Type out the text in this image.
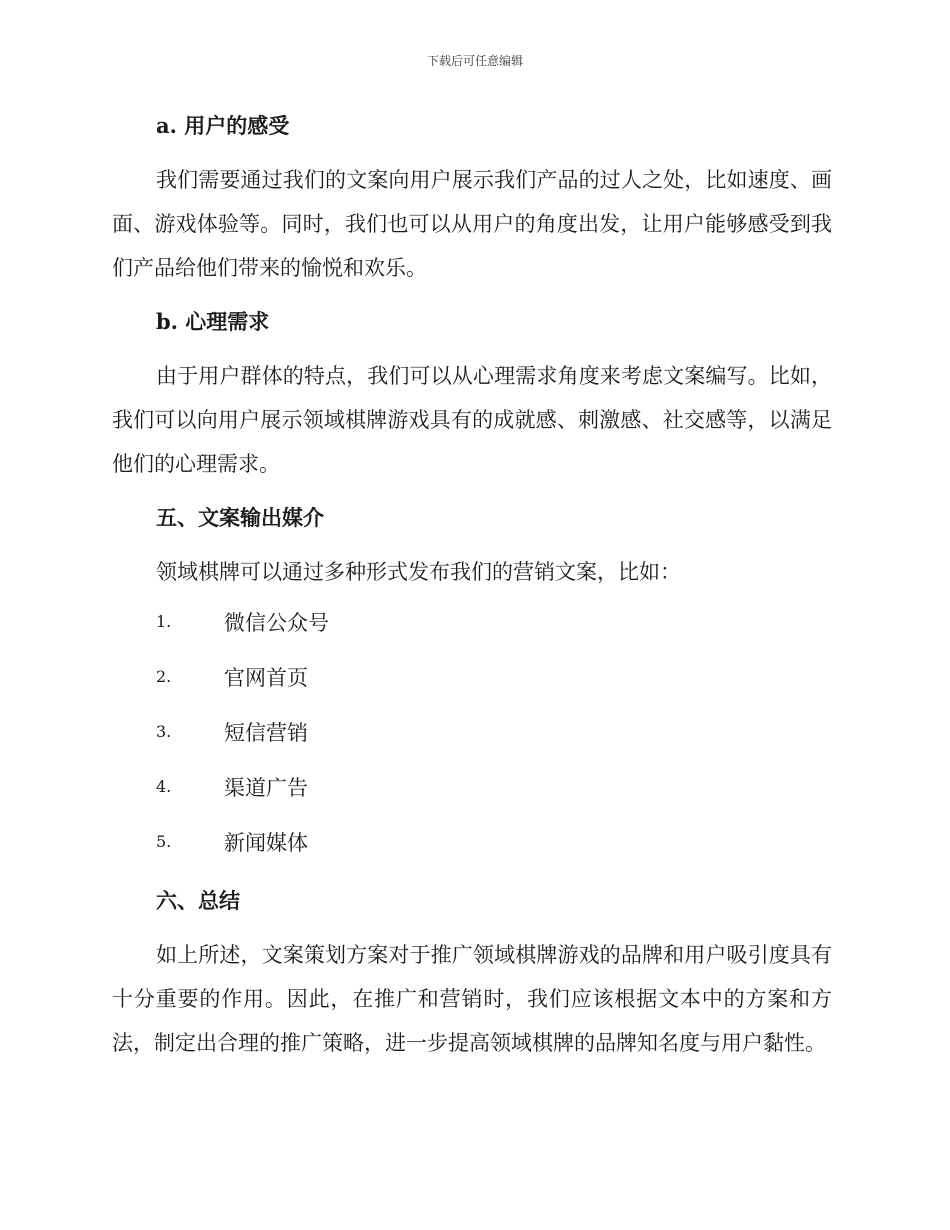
下载后可任意编辑
a. 用户的感受

我们需要通过我们的文案向用户展示我们产品的过人之处，比如速度、画面、游戏体验等。同时，我们也可以从用户的角度出发，让用户能够感受到我们产品给他们带来的愉悦和欢乐。

b. 心理需求

由于用户群体的特点，我们可以从心理需求角度来考虑文案编写。比如，我们可以向用户展示领域棋牌游戏具有的成就感、刺激感、社交感等，以满足他们的心理需求。

五、文案输出媒介

领域棋牌可以通过多种形式发布我们的营销文案，比如：

1.	微信公众号
2.	官网首页
3.	短信营销
4.	渠道广告
5.	新闻媒体
六、总结

如上所述，文案策划方案对于推广领域棋牌游戏的品牌和用户吸引度具有十分重要的作用。因此，在推广和营销时，我们应该根据文本中的方案和方法，制定出合理的推广策略，进一步提高领域棋牌的品牌知名度与用户黏性。
